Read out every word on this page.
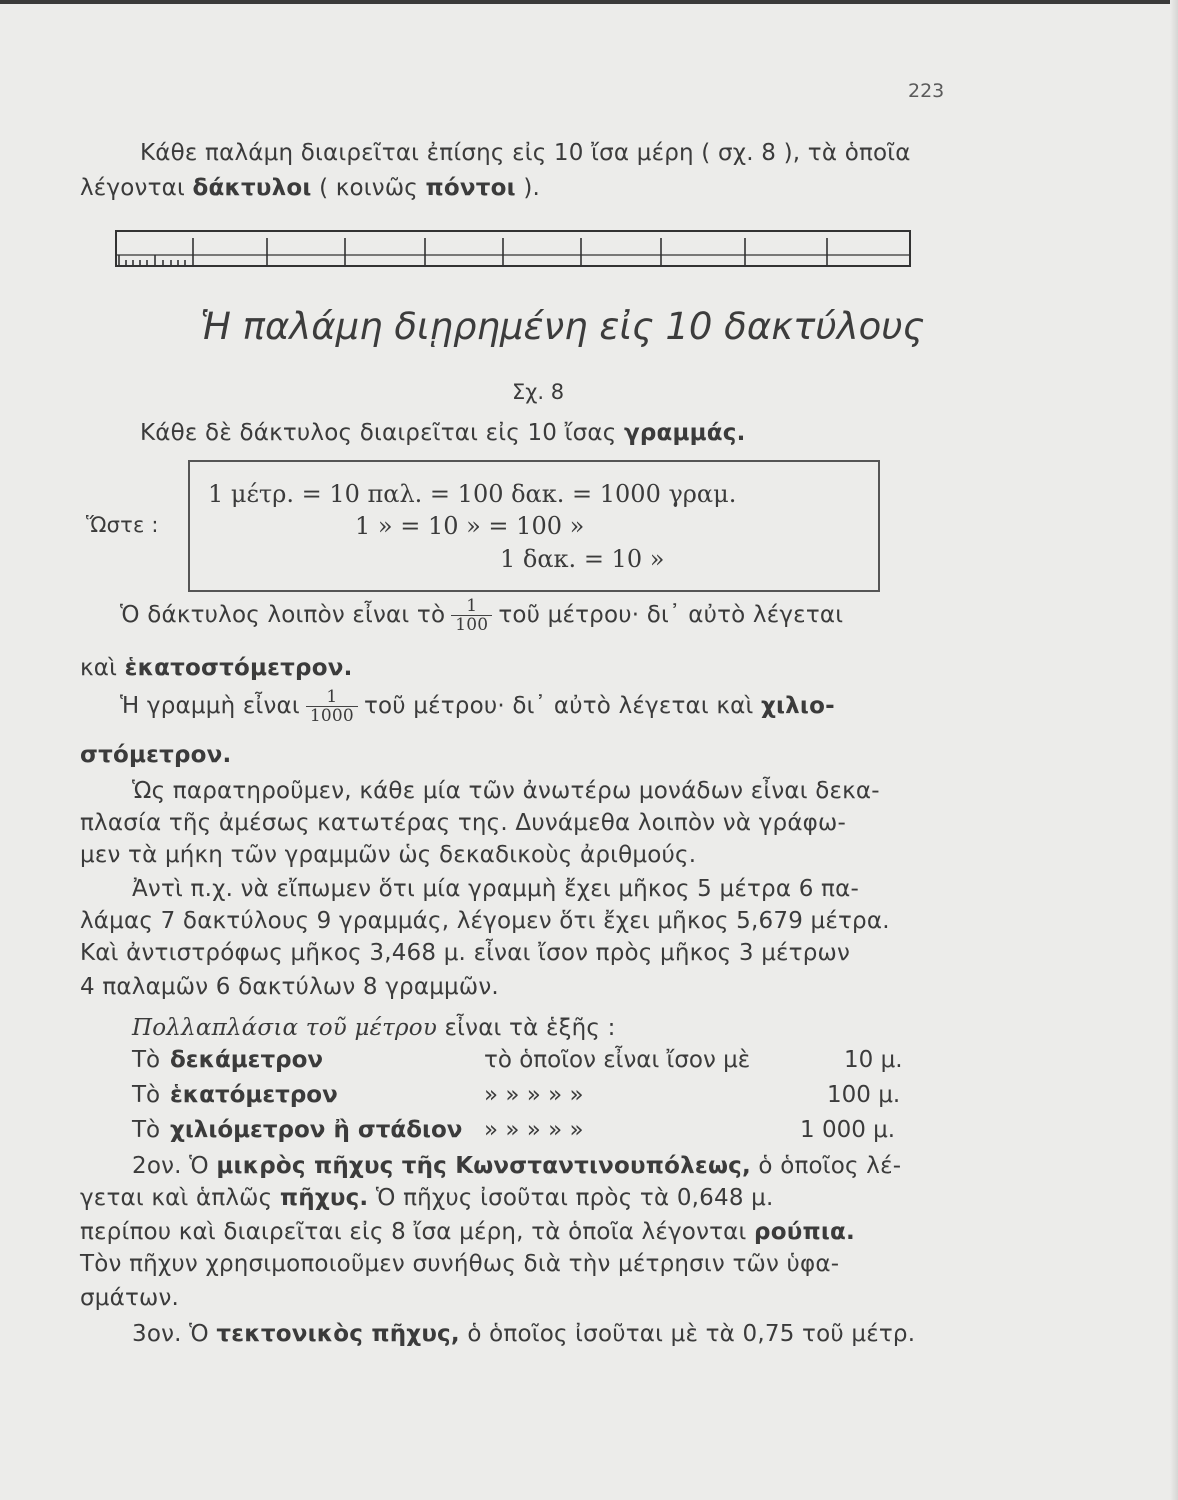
223
Κάθε παλάμη διαιρεῖται ἐπίσης εἰς 10 ἴσα μέρη ( σχ. 8 ), τὰ ὁποῖα
λέγονται δάκτυλοι ( κοινῶς πόντοι ).
Ἡ παλάμη διῃρημένη εἰς 10 δακτύλους
Σχ. 8
Κάθε δὲ δάκτυλος διαιρεῖται εἰς 10 ἴσας γραμμάς.
Ὥστε :
1 μέτρ. = 10 παλ. = 100 δακ. = 1000 γραμ.
1 » = 10 » = 100 »
1 δακ. = 10 »
Ὁ δάκτυλος λοιπὸν εἶναι τὸ $\frac{1}{100}$ τοῦ μέτρου· δι᾿ αὐτὸ λέγεται
καὶ ἑκατοστόμετρον.
Ἡ γραμμὴ εἶναι $\frac{1}{1000}$ τοῦ μέτρου· δι᾿ αὐτὸ λέγεται καὶ χιλιο-
στόμετρον.
Ὡς παρατηροῦμεν, κάθε μία τῶν ἀνωτέρω μονάδων εἶναι δεκα-
πλασία τῆς ἀμέσως κατωτέρας της. Δυνάμεθα λοιπὸν νὰ γράφω-
μεν τὰ μήκη τῶν γραμμῶν ὡς δεκαδικοὺς ἀριθμούς.
Ἀντὶ π.χ. νὰ εἴπωμεν ὅτι μία γραμμὴ ἔχει μῆκος 5 μέτρα 6 πα-
λάμας 7 δακτύλους 9 γραμμάς, λέγομεν ὅτι ἔχει μῆκος 5,679 μέτρα.
Καὶ ἀντιστρόφως μῆκος 3,468 μ. εἶναι ἴσον πρὸς μῆκος 3 μέτρων
4 παλαμῶν 6 δακτύλων 8 γραμμῶν.
Πολλαπλάσια τοῦ μέτρου εἶναι τὰ ἑξῆς :
Τὸ δεκάμετρον	τὸ ὁποῖον εἶναι ἴσον μὲ	10 μ.
Τὸ ἑκατόμετρον	» » » » »	100 μ.
Τὸ χιλιόμετρον ἢ στάδιον » » » » »	1 000 μ.
2ον. Ὁ μικρὸς πῆχυς τῆς Κωνσταντινουπόλεως, ὁ ὁποῖος λέ-
γεται καὶ ἁπλῶς πῆχυς. Ὁ πῆχυς ἰσοῦται πρὸς τὰ 0,648 μ.
περίπου καὶ διαιρεῖται εἰς 8 ἴσα μέρη, τὰ ὁποῖα λέγονται ρούπια.
Τὸν πῆχυν χρησιμοποιοῦμεν συνήθως διὰ τὴν μέτρησιν τῶν ὑφα-
σμάτων.
3ον. Ὁ τεκτονικὸς πῆχυς, ὁ ὁποῖος ἰσοῦται μὲ τὰ 0,75 τοῦ μέτρ.
